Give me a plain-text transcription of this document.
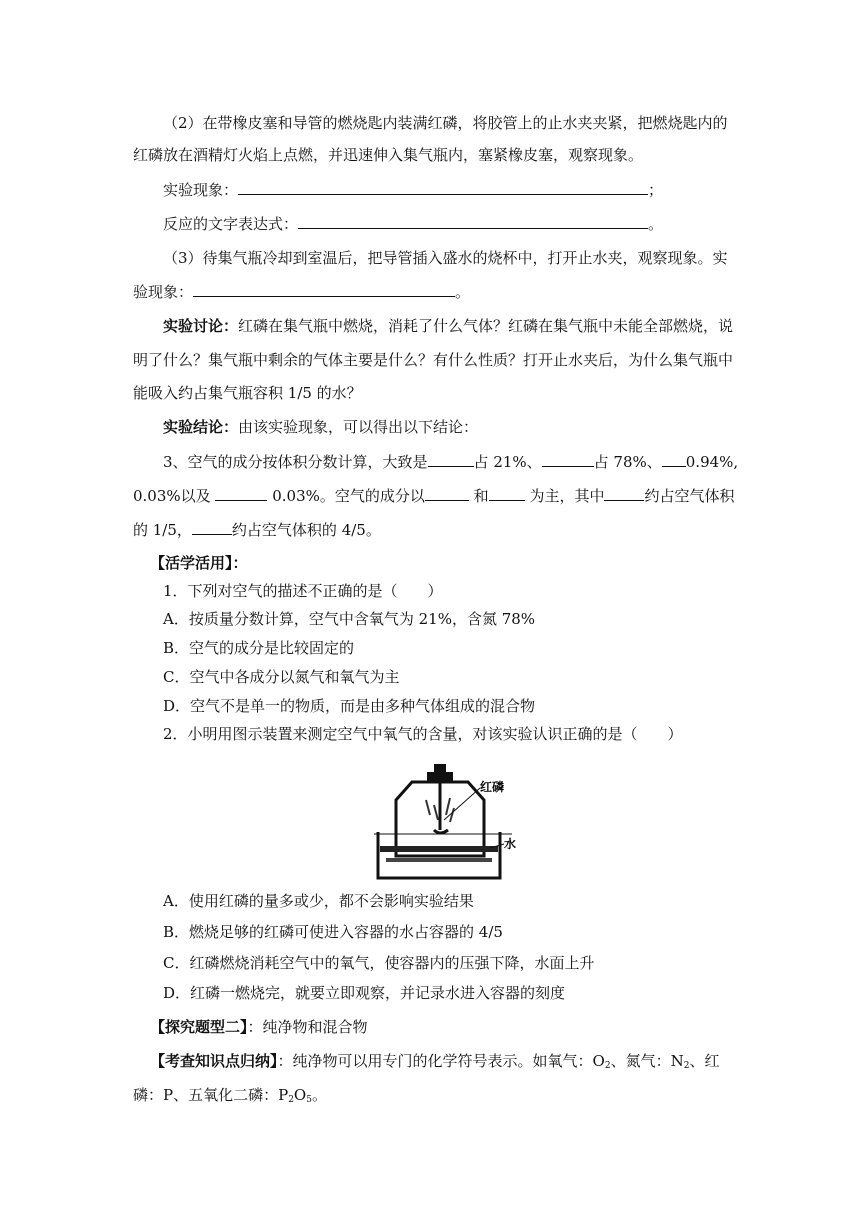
（2）在带橡皮塞和导管的燃烧匙内装满红磷，将胶管上的止水夹夹紧，把燃烧匙内的
红磷放在酒精灯火焰上点燃，并迅速伸入集气瓶内，塞紧橡皮塞，观察现象。
实验现象：	；
反应的文字表达式：	。
（3）待集气瓶冷却到室温后，把导管插入盛水的烧杯中，打开止水夹，观察现象。实
验现象：	。
实验讨论：红磷在集气瓶中燃烧，消耗了什么气体？红磷在集气瓶中未能全部燃烧，说
明了什么？集气瓶中剩余的气体主要是什么？有什么性质？打开止水夹后，为什么集气瓶中
能吸入约占集气瓶容积 1/5 的水？
实验结论：由该实验现象，可以得出以下结论：
3、空气的成分按体积分数计算，大致是	占 21%、	占 78%、 0.94%,
0.03%以及	0.03%。空气的成分以	和	为主，其中	约占空气体积
的 1/5，	约占空气体积的 4/5。
【活学活用】：
1．下列对空气的描述不正确的是（　　）
A．按质量分数计算，空气中含氧气为 21%，含氮 78%
B．空气的成分是比较固定的
C．空气中各成分以氮气和氧气为主
D．空气不是单一的物质，而是由多种气体组成的混合物
2．小明用图示装置来测定空气中氧气的含量，对该实验认识正确的是（　　）
红磷
水
A．使用红磷的量多或少，都不会影响实验结果
B．燃烧足够的红磷可使进入容器的水占容器的 4/5
C．红磷燃烧消耗空气中的氧气，使容器内的压强下降，水面上升
D．红磷一燃烧完，就要立即观察，并记录水进入容器的刻度
【探究题型二】：纯净物和混合物
【考查知识点归纳】：纯净物可以用专门的化学符号表示。如氧气：$O_2$、氮气：$N_2$、红
磷：P、五氧化二磷：$P_2O_5$。
